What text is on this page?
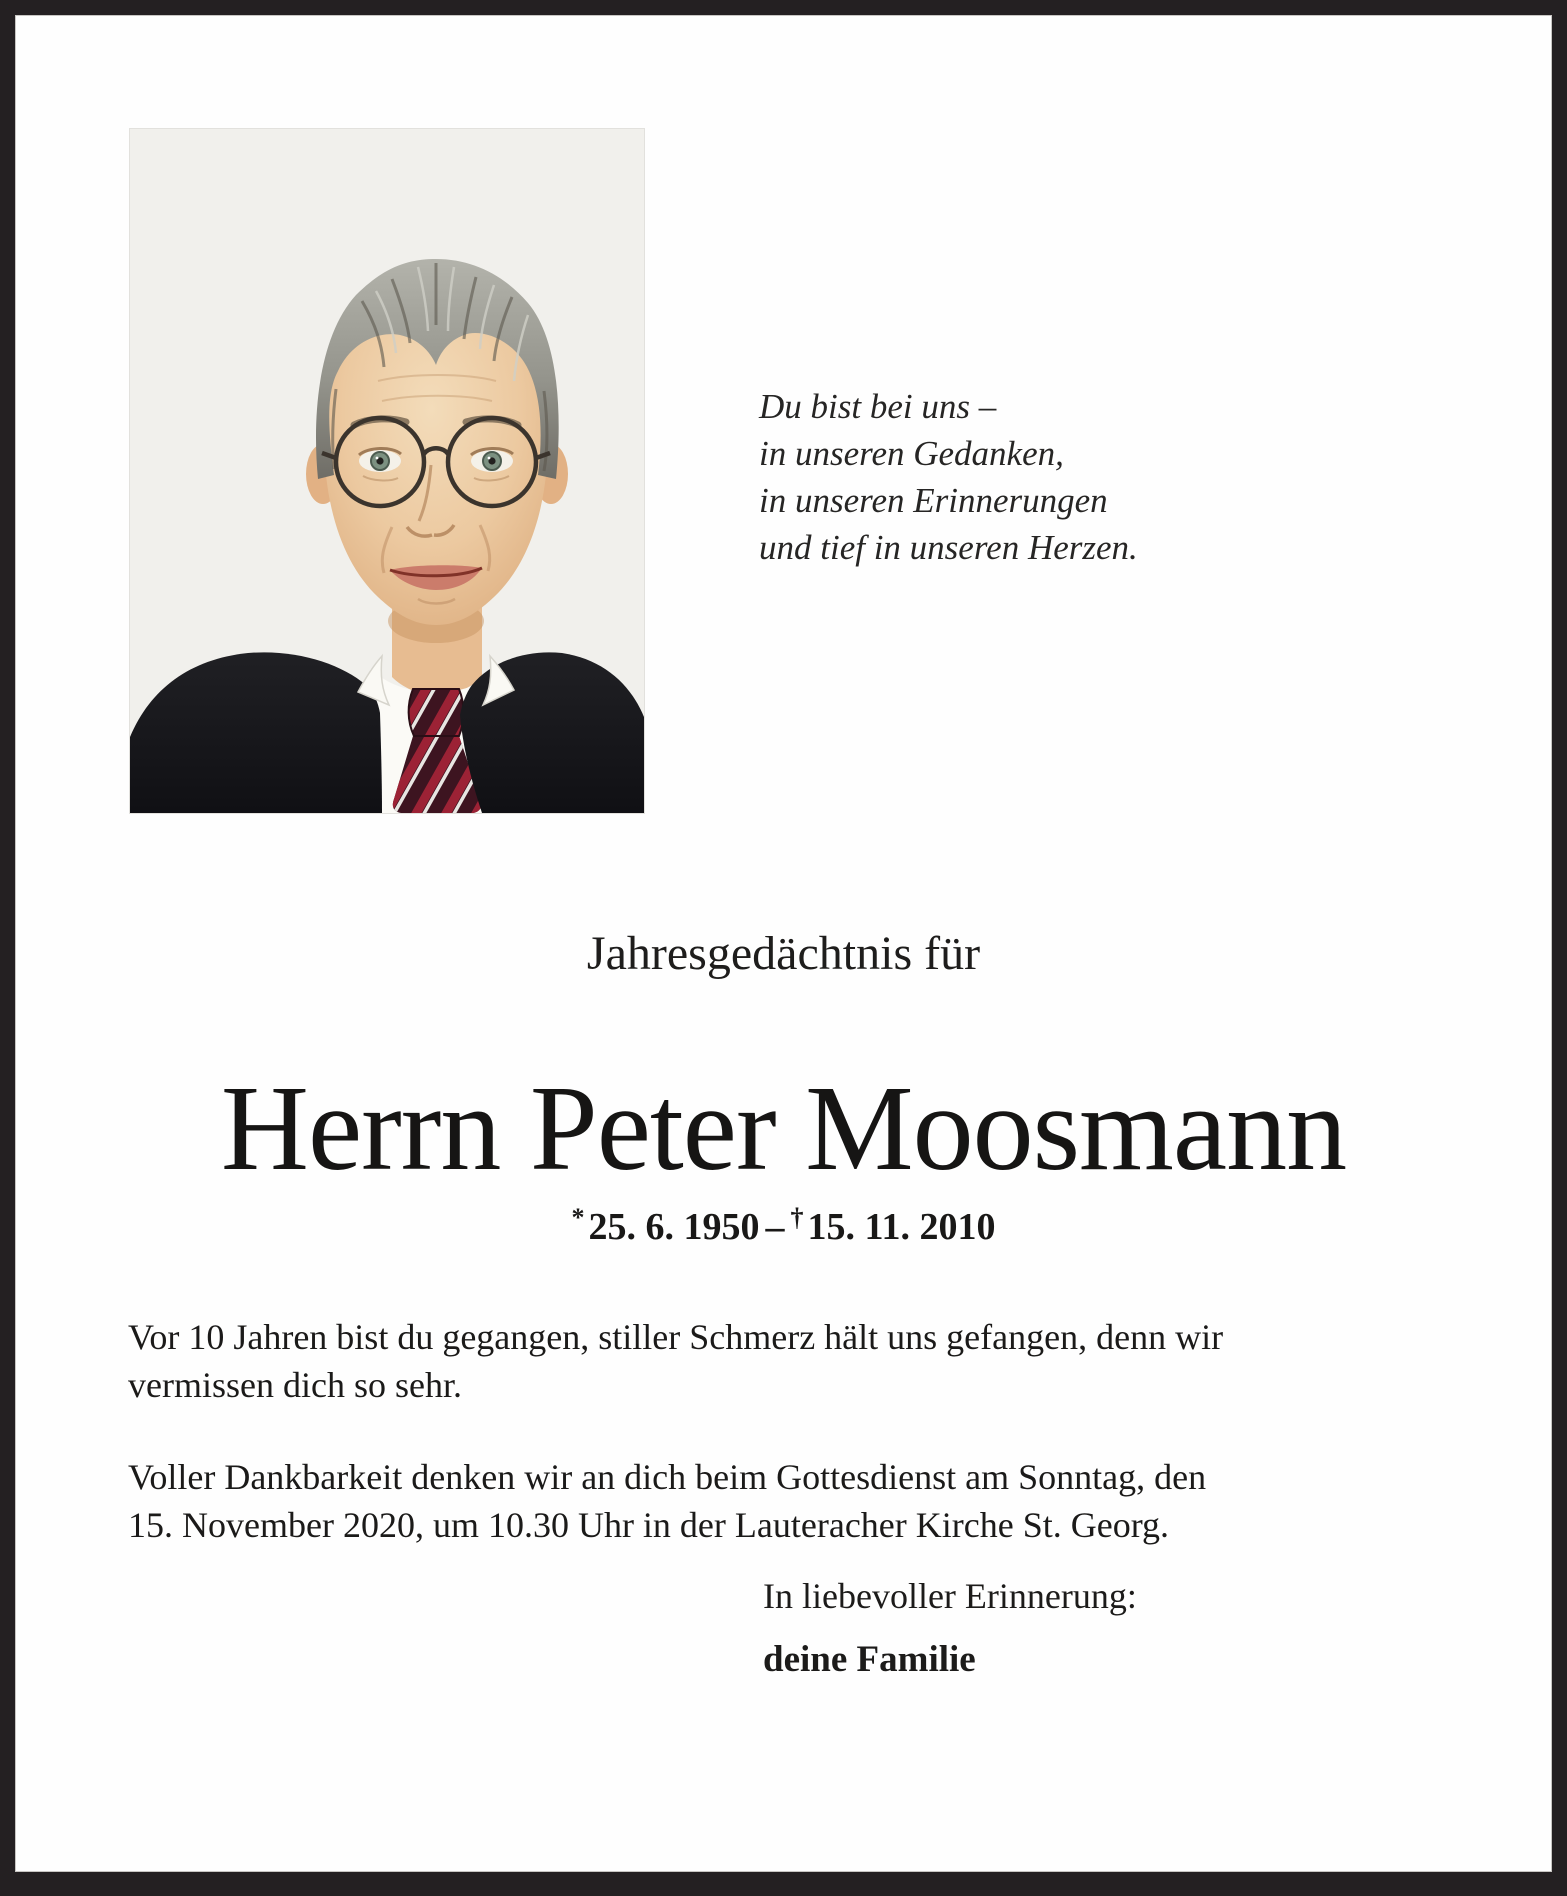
Du bist bei uns –
in unseren Gedanken,
in unseren Erinnerungen
und tief in unseren Herzen.
Jahresgedächtnis für
Herrn Peter Moosmann
* 25. 6. 1950 – † 15. 11. 2010
Vor 10 Jahren bist du gegangen, stiller Schmerz hält uns gefangen, denn wir
vermissen dich so sehr.
Voller Dankbarkeit denken wir an dich beim Gottesdienst am Sonntag, den
15. November 2020, um 10.30 Uhr in der Lauteracher Kirche St. Georg.
In liebevoller Erinnerung:
deine Familie
